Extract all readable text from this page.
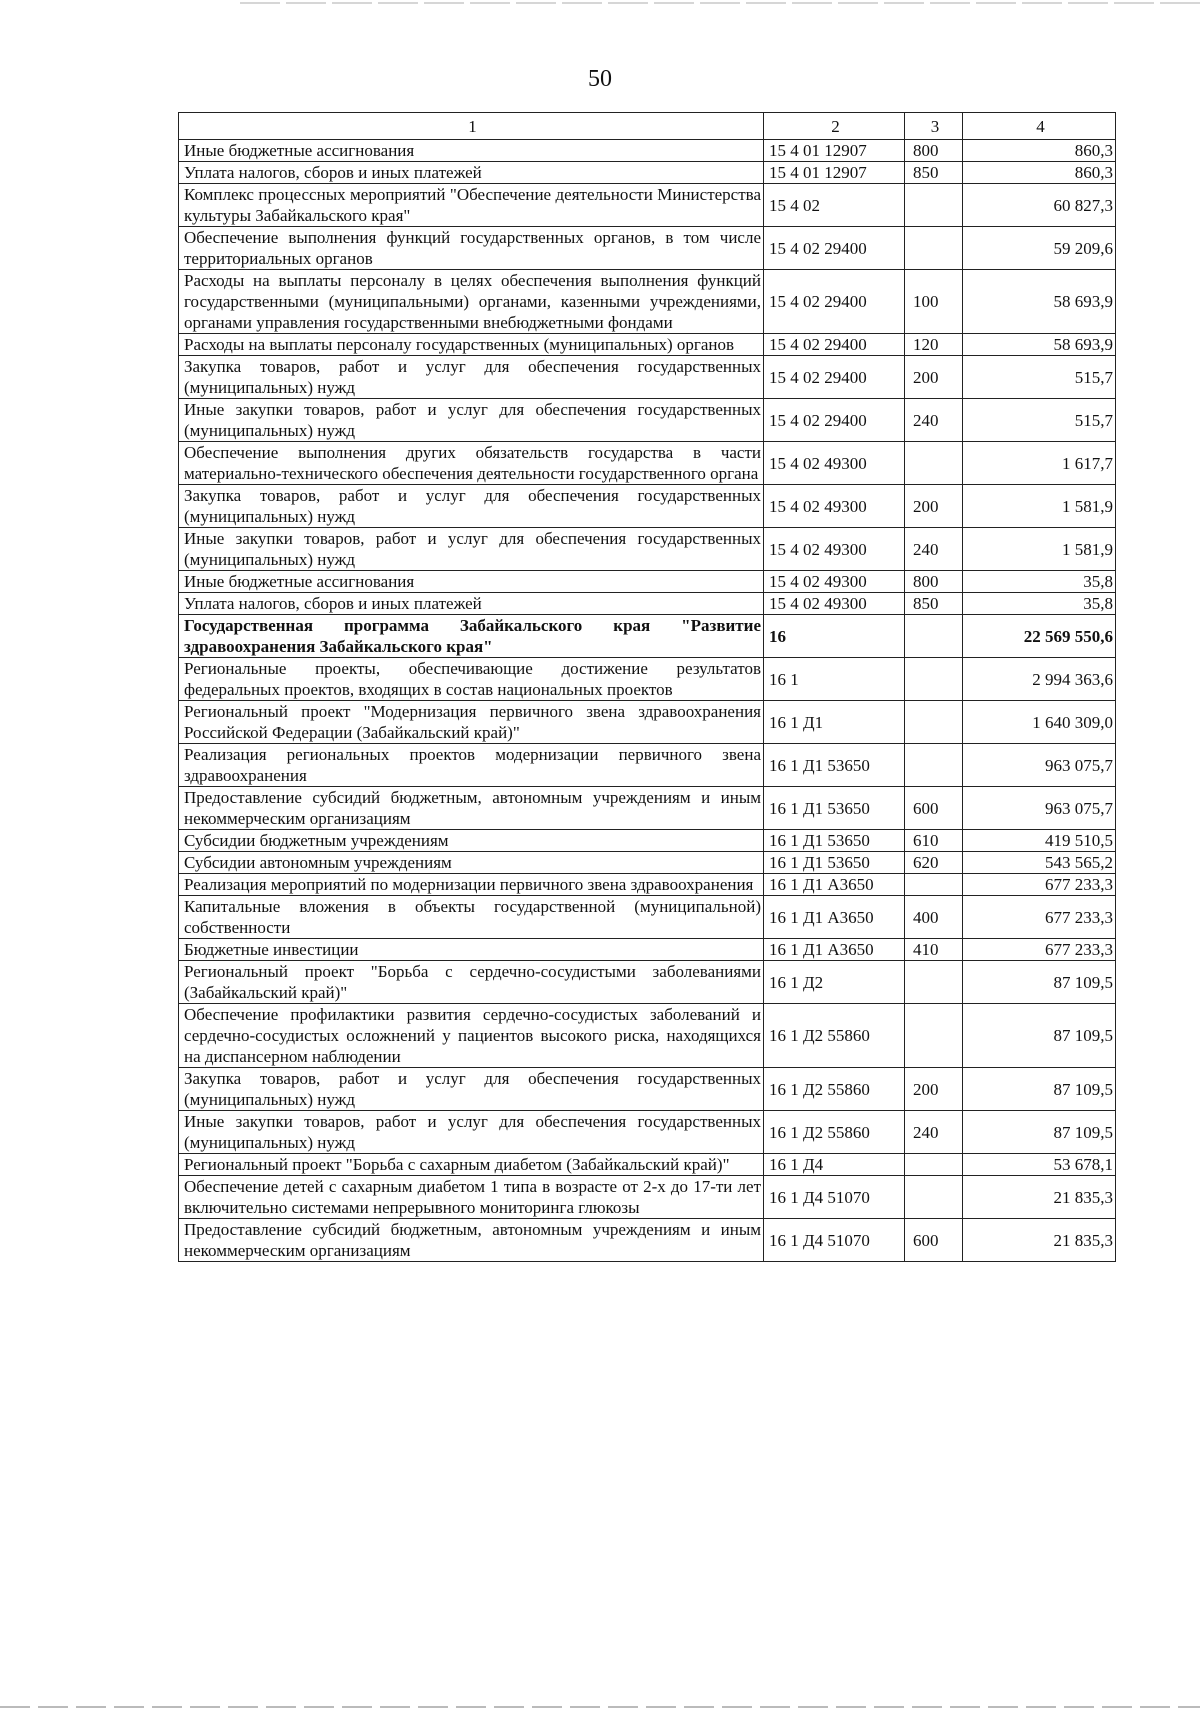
50
1	2	3	4
Иные бюджетные ассигнования	15 4 01 12907	800	860,3
Уплата налогов, сборов и иных платежей	15 4 01 12907	850	860,3
Комплекс процессных мероприятий "Обеспечение деятельности Министерства культуры Забайкальского края"	15 4 02		60 827,3
Обеспечение выполнения функций государственных органов, в том числе территориальных органов	15 4 02 29400		59 209,6
Расходы на выплаты персоналу в целях обеспечения выполнения функций государственными (муниципальными) органами, казенными учреждениями, органами управления государственными внебюджетными фондами	15 4 02 29400	100	58 693,9
Расходы на выплаты персоналу государственных (муниципальных) органов	15 4 02 29400	120	58 693,9
Закупка товаров, работ и услуг для обеспечения государственных (муниципальных) нужд	15 4 02 29400	200	515,7
Иные закупки товаров, работ и услуг для обеспечения государственных (муниципальных) нужд	15 4 02 29400	240	515,7
Обеспечение выполнения других обязательств государства в части материально-технического обеспечения деятельности государственного органа	15 4 02 49300		1 617,7
Закупка товаров, работ и услуг для обеспечения государственных (муниципальных) нужд	15 4 02 49300	200	1 581,9
Иные закупки товаров, работ и услуг для обеспечения государственных (муниципальных) нужд	15 4 02 49300	240	1 581,9
Иные бюджетные ассигнования	15 4 02 49300	800	35,8
Уплата налогов, сборов и иных платежей	15 4 02 49300	850	35,8
Государственная программа Забайкальского края "Развитие здравоохранения Забайкальского края"	16		22 569 550,6
Региональные проекты, обеспечивающие достижение результатов федеральных проектов, входящих в состав национальных проектов	16 1		2 994 363,6
Региональный проект "Модернизация первичного звена здравоохранения Российской Федерации (Забайкальский край)"	16 1 Д1		1 640 309,0
Реализация региональных проектов модернизации первичного звена здравоохранения	16 1 Д1 53650		963 075,7
Предоставление субсидий бюджетным, автономным учреждениям и иным некоммерческим организациям	16 1 Д1 53650	600	963 075,7
Субсидии бюджетным учреждениям	16 1 Д1 53650	610	419 510,5
Субсидии автономным учреждениям	16 1 Д1 53650	620	543 565,2
Реализация мероприятий по модернизации первичного звена здравоохранения	16 1 Д1 А3650		677 233,3
Капитальные вложения в объекты государственной (муниципальной) собственности	16 1 Д1 А3650	400	677 233,3
Бюджетные инвестиции	16 1 Д1 А3650	410	677 233,3
Региональный проект "Борьба с сердечно-сосудистыми заболеваниями (Забайкальский край)"	16 1 Д2		87 109,5
Обеспечение профилактики развития сердечно-сосудистых заболеваний и сердечно-сосудистых осложнений у пациентов высокого риска, находящихся на диспансерном наблюдении	16 1 Д2 55860		87 109,5
Закупка товаров, работ и услуг для обеспечения государственных (муниципальных) нужд	16 1 Д2 55860	200	87 109,5
Иные закупки товаров, работ и услуг для обеспечения государственных (муниципальных) нужд	16 1 Д2 55860	240	87 109,5
Региональный проект "Борьба с сахарным диабетом (Забайкальский край)"	16 1 Д4		53 678,1
Обеспечение детей с сахарным диабетом 1 типа в возрасте от 2-х до 17-ти лет включительно системами непрерывного мониторинга глюкозы	16 1 Д4 51070		21 835,3
Предоставление субсидий бюджетным, автономным учреждениям и иным некоммерческим организациям	16 1 Д4 51070	600	21 835,3
